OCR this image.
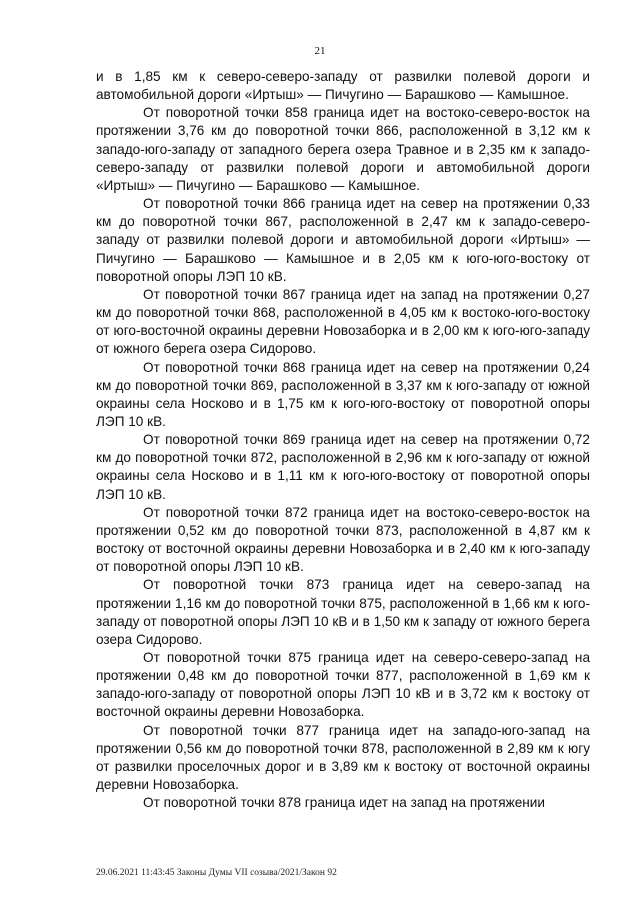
21

и в 1,85 км к северо-северо-западу от развилки полевой дороги и автомобильной дороги «Иртыш» — Пичугино — Барашково — Камышное.

От поворотной точки 858 граница идет на востоко-северо-восток на протяжении 3,76 км до поворотной точки 866, расположенной в 3,12 км к западо-юго-западу от западного берега озера Травное и в 2,35 км к западо-северо-западу от развилки полевой дороги и автомобильной дороги «Иртыш» — Пичугино — Барашково — Камышное.

От поворотной точки 866 граница идет на север на протяжении 0,33 км до поворотной точки 867, расположенной в 2,47 км к западо-северо-западу от развилки полевой дороги и автомобильной дороги «Иртыш» — Пичугино — Барашково — Камышное и в 2,05 км к юго-юго-востоку от поворотной опоры ЛЭП 10 кВ.

От поворотной точки 867 граница идет на запад на протяжении 0,27 км до поворотной точки 868, расположенной в 4,05 км к востоко-юго-востоку от юго-восточной окраины деревни Новозаборка и в 2,00 км к юго-юго-западу от южного берега озера Сидорово.

От поворотной точки 868 граница идет на север на протяжении 0,24 км до поворотной точки 869, расположенной в 3,37 км к юго-западу от южной окраины села Носково и в 1,75 км к юго-юго-востоку от поворотной опоры ЛЭП 10 кВ.

От поворотной точки 869 граница идет на север на протяжении 0,72 км до поворотной точки 872, расположенной в 2,96 км к юго-западу от южной окраины села Носково и в 1,11 км к юго-юго-востоку от поворотной опоры ЛЭП 10 кВ.

От поворотной точки 872 граница идет на востоко-северо-восток на протяжении 0,52 км до поворотной точки 873, расположенной в 4,87 км к востоку от восточной окраины деревни Новозаборка и в 2,40 км к юго-западу от поворотной опоры ЛЭП 10 кВ.

От поворотной точки 873 граница идет на северо-запад на протяжении 1,16 км до поворотной точки 875, расположенной в 1,66 км к юго-западу от поворотной опоры ЛЭП 10 кВ и в 1,50 км к западу от южного берега озера Сидорово.

От поворотной точки 875 граница идет на северо-северо-запад на протяжении 0,48 км до поворотной точки 877, расположенной в 1,69 км к западо-юго-западу от поворотной опоры ЛЭП 10 кВ и в 3,72 км к востоку от восточной окраины деревни Новозаборка.

От поворотной точки 877 граница идет на западо-юго-запад на протяжении 0,56 км до поворотной точки 878, расположенной в 2,89 км к югу от развилки проселочных дорог и в 3,89 км к востоку от восточной окраины деревни Новозаборка.

От поворотной точки 878 граница идет на запад на протяжении

29.06.2021 11:43:45 Законы Думы VII созыва/2021/Закон 92
